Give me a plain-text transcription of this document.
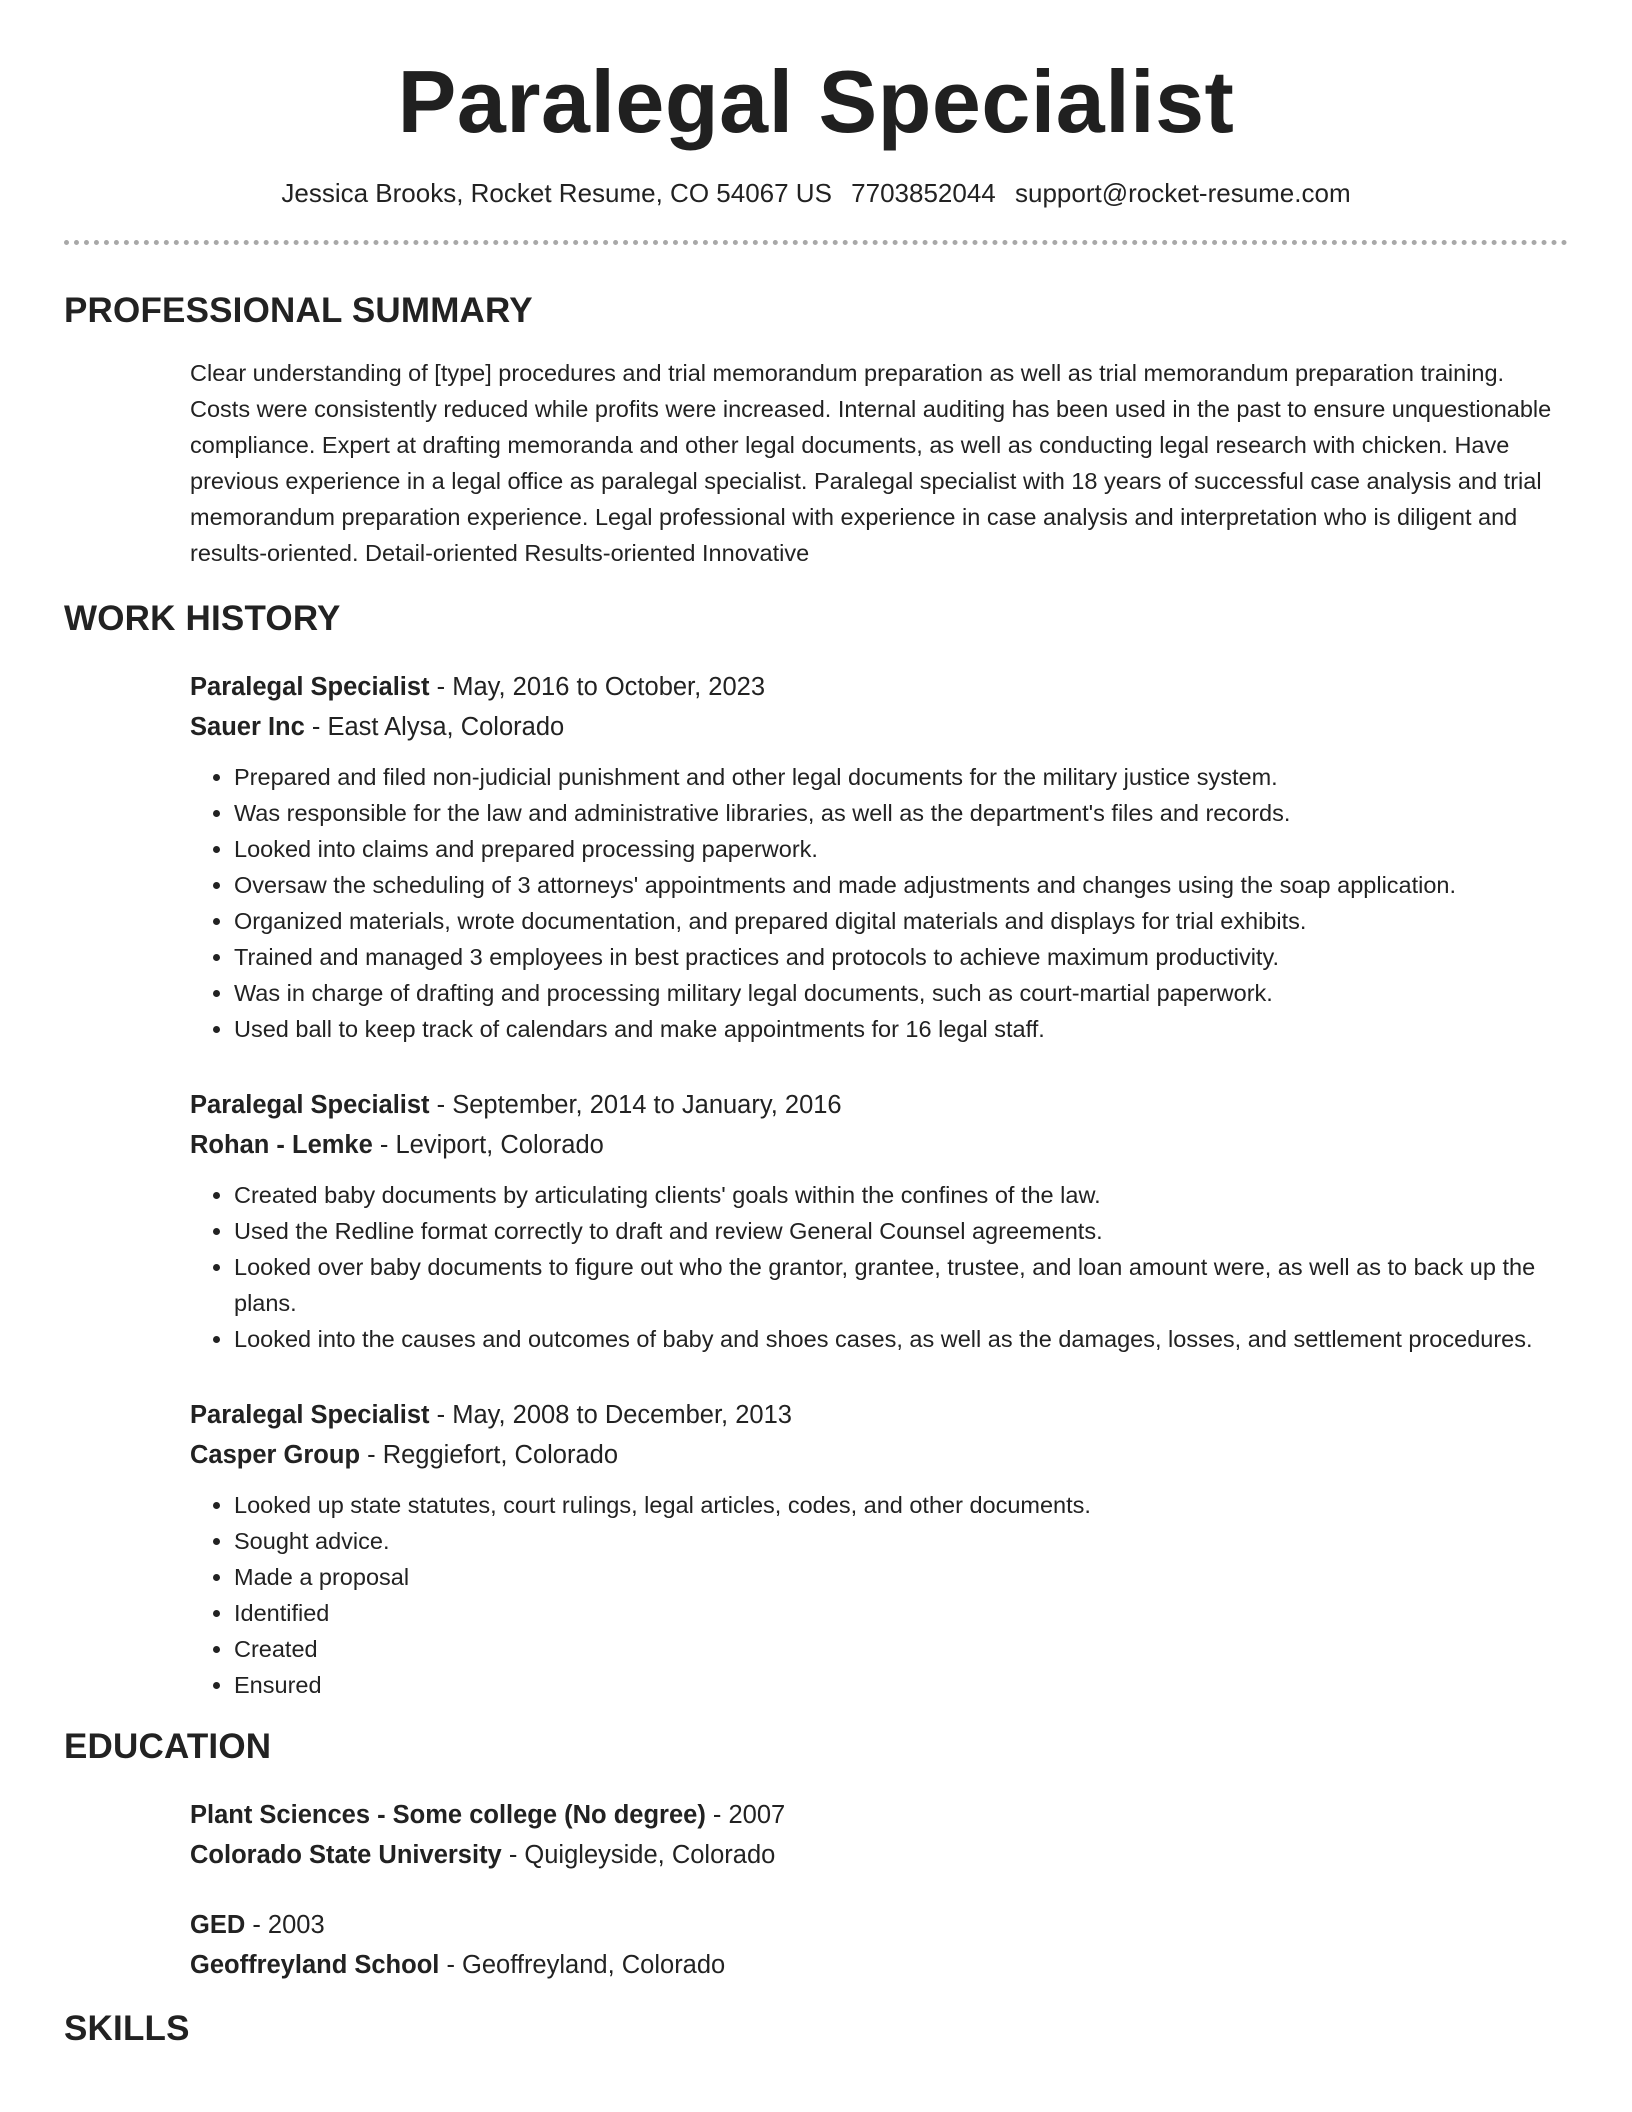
Paralegal Specialist
Jessica Brooks, Rocket Resume, CO 54067 US 7703852044 support@rocket-resume.com
PROFESSIONAL SUMMARY
Clear understanding of [type] procedures and trial memorandum preparation as well as trial memorandum preparation training. Costs were consistently reduced while profits were increased. Internal auditing has been used in the past to ensure unquestionable compliance. Expert at drafting memoranda and other legal documents, as well as conducting legal research with chicken. Have previous experience in a legal office as paralegal specialist. Paralegal specialist with 18 years of successful case analysis and trial memorandum preparation experience. Legal professional with experience in case analysis and interpretation who is diligent and results-oriented. Detail-oriented Results-oriented Innovative
WORK HISTORY
Paralegal Specialist - May, 2016 to October, 2023
Sauer Inc - East Alysa, Colorado
• Prepared and filed non-judicial punishment and other legal documents for the military justice system.
• Was responsible for the law and administrative libraries, as well as the department's files and records.
• Looked into claims and prepared processing paperwork.
• Oversaw the scheduling of 3 attorneys' appointments and made adjustments and changes using the soap application.
• Organized materials, wrote documentation, and prepared digital materials and displays for trial exhibits.
• Trained and managed 3 employees in best practices and protocols to achieve maximum productivity.
• Was in charge of drafting and processing military legal documents, such as court-martial paperwork.
• Used ball to keep track of calendars and make appointments for 16 legal staff.
Paralegal Specialist - September, 2014 to January, 2016
Rohan - Lemke - Leviport, Colorado
• Created baby documents by articulating clients' goals within the confines of the law.
• Used the Redline format correctly to draft and review General Counsel agreements.
• Looked over baby documents to figure out who the grantor, grantee, trustee, and loan amount were, as well as to back up the plans.
• Looked into the causes and outcomes of baby and shoes cases, as well as the damages, losses, and settlement procedures.
Paralegal Specialist - May, 2008 to December, 2013
Casper Group - Reggiefort, Colorado
• Looked up state statutes, court rulings, legal articles, codes, and other documents.
• Sought advice.
• Made a proposal
• Identified
• Created
• Ensured
EDUCATION
Plant Sciences - Some college (No degree) - 2007
Colorado State University - Quigleyside, Colorado
GED - 2003
Geoffreyland School - Geoffreyland, Colorado
SKILLS
